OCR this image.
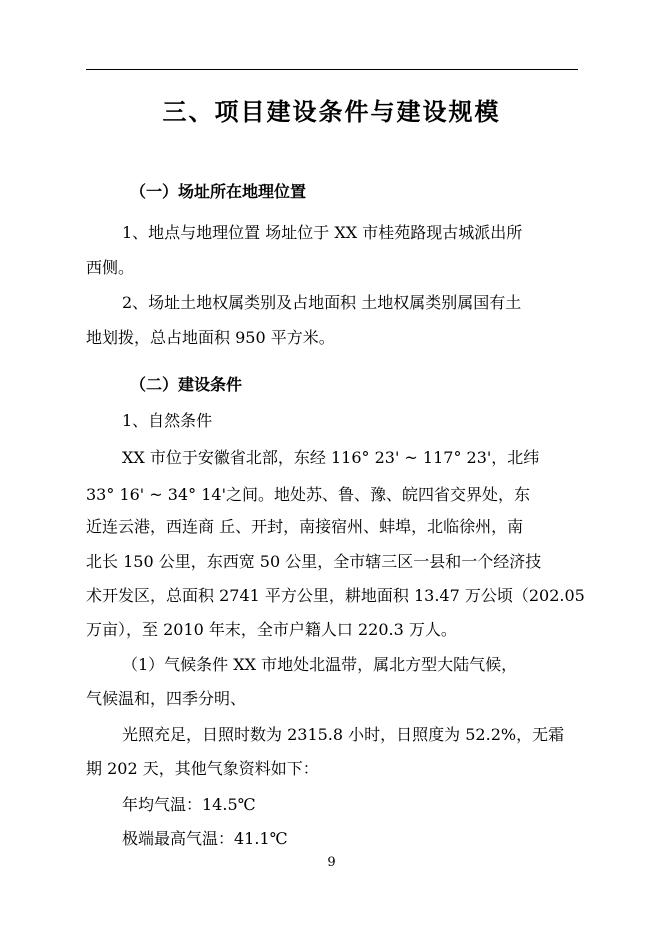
三、项目建设条件与建设规模
（一）场址所在地理位置
1、地点与地理位置 场址位于 XX 市桂苑路现古城派出所
西侧。
2、场址土地权属类别及占地面积 土地权属类别属国有土
地划拨，总占地面积 950 平方米。
（二）建设条件
1、自然条件
XX 市位于安徽省北部，东经 116° 23' ~ 117° 23'，北纬
33° 16' ~ 34° 14'之间。地处苏、鲁、豫、皖四省交界处，东
近连云港，西连商 丘、开封，南接宿州、蚌埠，北临徐州，南
北长 150 公里，东西宽 50 公里，全市辖三区一县和一个经济技
术开发区，总面积 2741 平方公里，耕地面积 13.47 万公顷（202.05
万亩），至 2010 年末，全市户籍人口 220.3 万人。
（1）气候条件 XX 市地处北温带，属北方型大陆气候，
气候温和，四季分明、
光照充足，日照时数为 2315.8 小时，日照度为 52.2%，无霜
期 202 天，其他气象资料如下：
年均气温：14.5℃
极端最高气温：41.1℃
9
